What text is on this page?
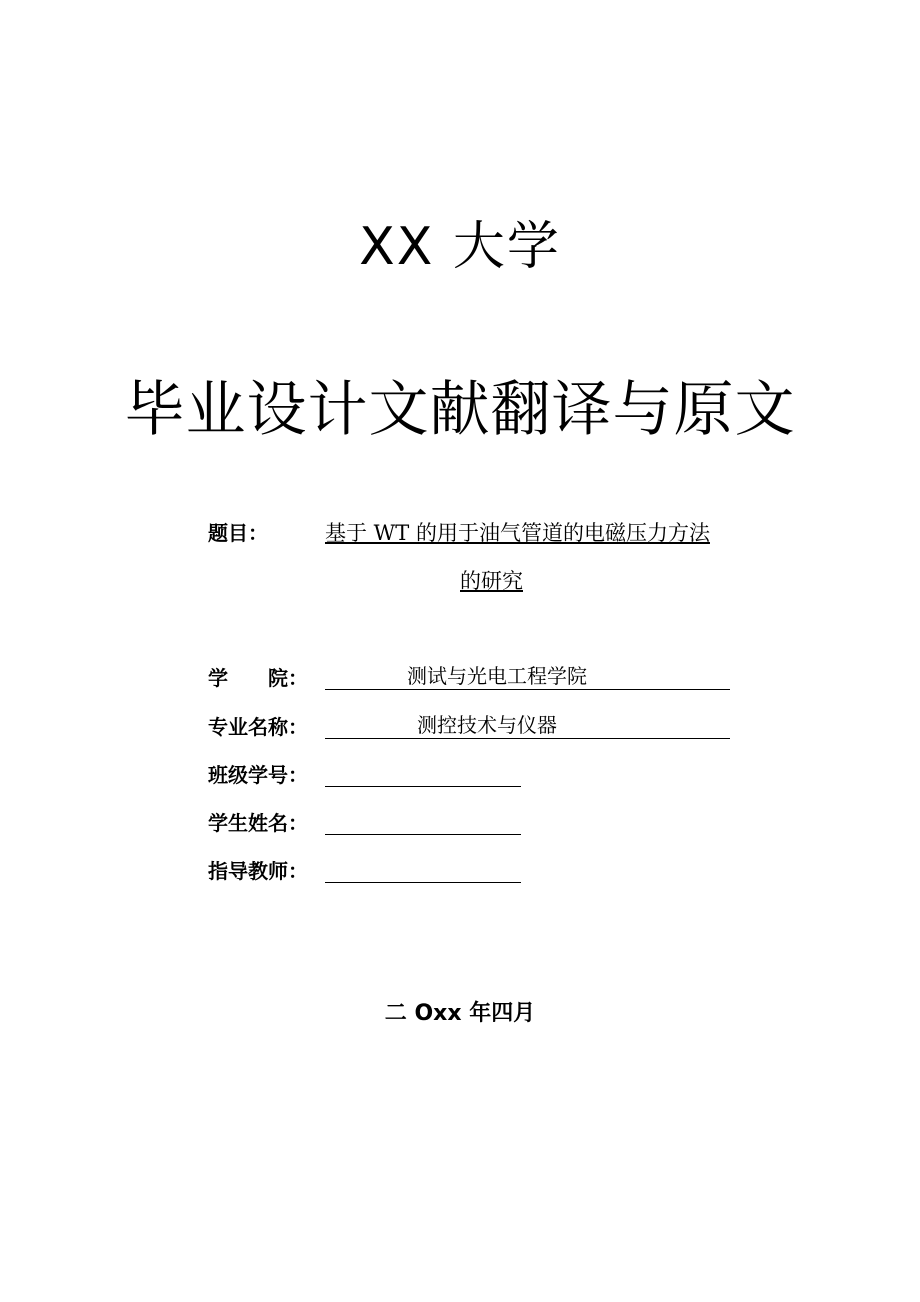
XX 大学
毕业设计文献翻译与原文
题目：	基于 WT 的用于油气管道的电磁压力方法
的研究
学　　院：	测试与光电工程学院
专业名称：	测控技术与仪器
班级学号：
学生姓名：
指导教师：
二 Oxx 年四月
